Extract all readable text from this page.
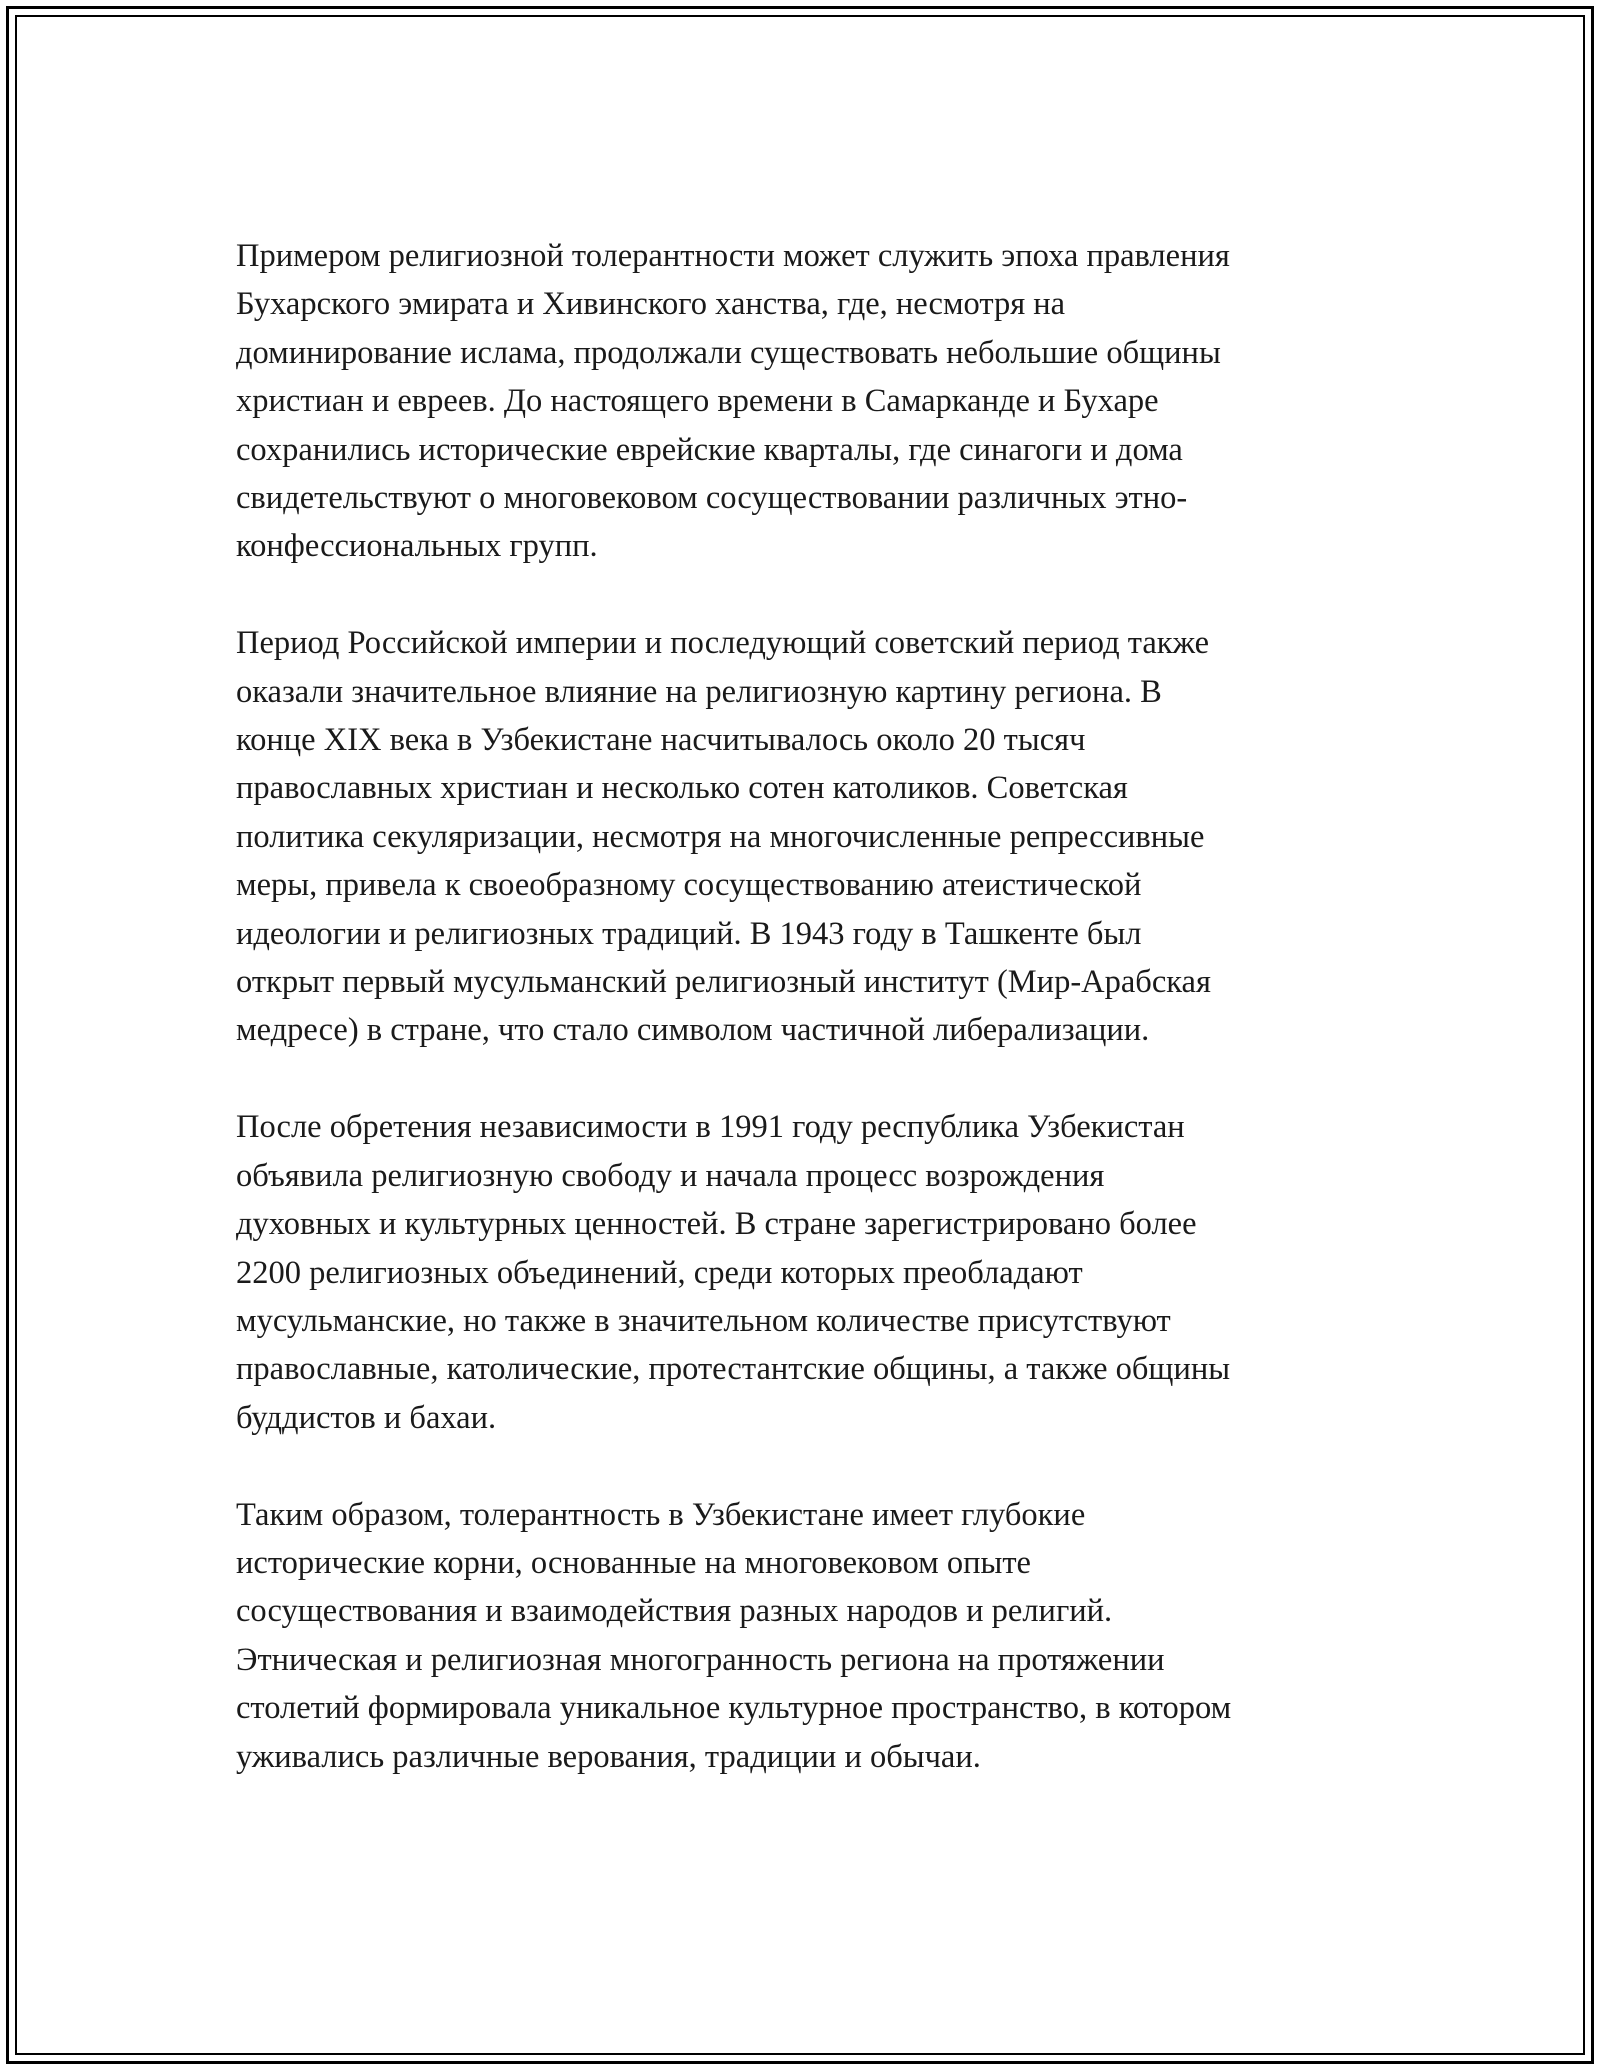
Примером религиозной толерантности может служить эпоха правления
Бухарского эмирата и Хивинского ханства, где, несмотря на
доминирование ислама, продолжали существовать небольшие общины
христиан и евреев. До настоящего времени в Самарканде и Бухаре
сохранились исторические еврейские кварталы, где синагоги и дома
свидетельствуют о многовековом сосуществовании различных этно-
конфессиональных групп.

Период Российской империи и последующий советский период также
оказали значительное влияние на религиозную картину региона. В
конце XIX века в Узбекистане насчитывалось около 20 тысяч
православных христиан и несколько сотен католиков. Советская
политика секуляризации, несмотря на многочисленные репрессивные
меры, привела к своеобразному сосуществованию атеистической
идеологии и религиозных традиций. В 1943 году в Ташкенте был
открыт первый мусульманский религиозный институт (Мир-Арабская
медресе) в стране, что стало символом частичной либерализации.

После обретения независимости в 1991 году республика Узбекистан
объявила религиозную свободу и начала процесс возрождения
духовных и культурных ценностей. В стране зарегистрировано более
2200 религиозных объединений, среди которых преобладают
мусульманские, но также в значительном количестве присутствуют
православные, католические, протестантские общины, а также общины
буддистов и бахаи.

Таким образом, толерантность в Узбекистане имеет глубокие
исторические корни, основанные на многовековом опыте
сосуществования и взаимодействия разных народов и религий.
Этническая и религиозная многогранность региона на протяжении
столетий формировала уникальное культурное пространство, в котором
уживались различные верования, традиции и обычаи.
